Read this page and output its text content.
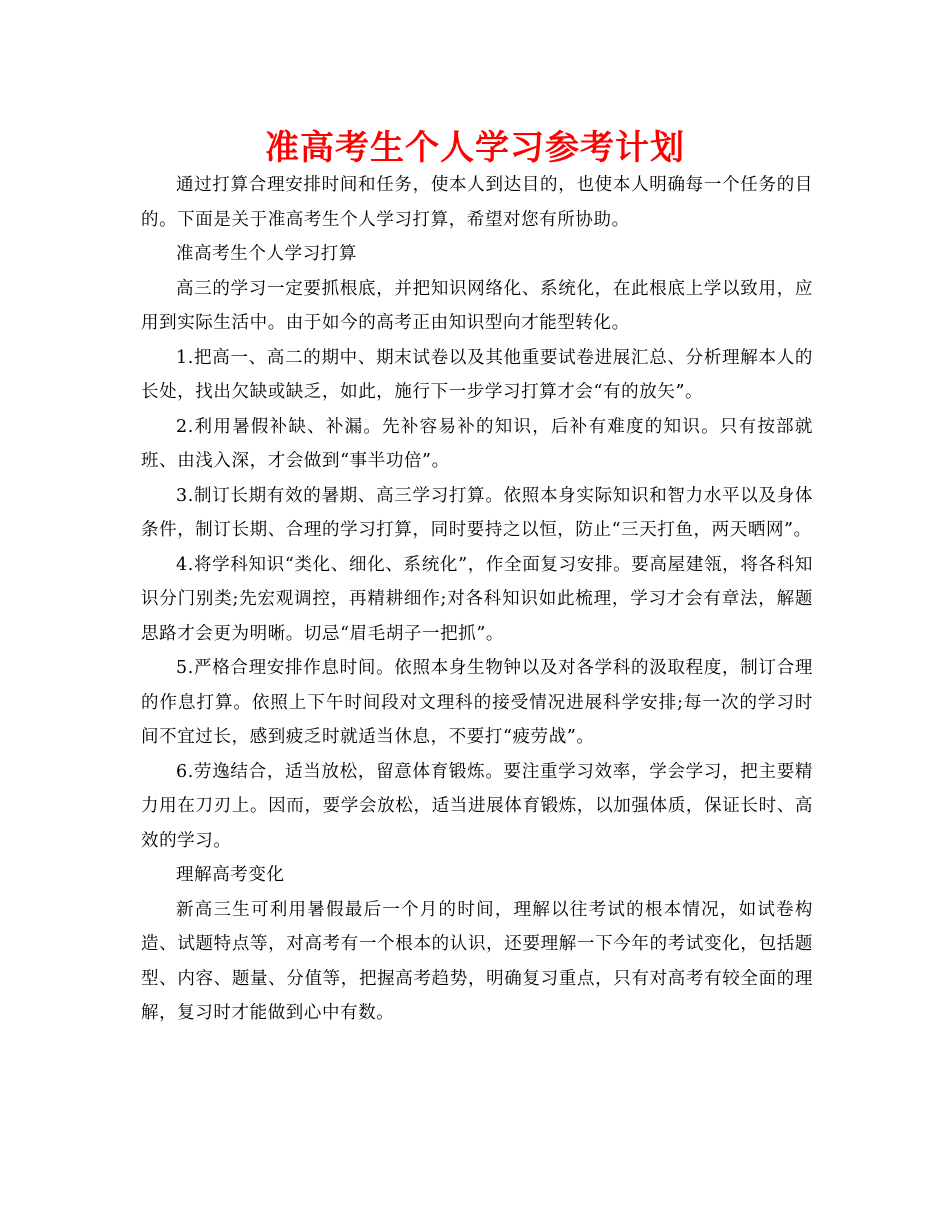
准高考生个人学习参考计划

通过打算合理安排时间和任务，使本人到达目的，也使本人明确每一个任务的目的。下面是关于准高考生个人学习打算，希望对您有所协助。

准高考生个人学习打算

高三的学习一定要抓根底，并把知识网络化、系统化，在此根底上学以致用，应用到实际生活中。由于如今的高考正由知识型向才能型转化。

1.把高一、高二的期中、期末试卷以及其他重要试卷进展汇总、分析理解本人的长处，找出欠缺或缺乏，如此，施行下一步学习打算才会“有的放矢”。

2.利用暑假补缺、补漏。先补容易补的知识，后补有难度的知识。只有按部就班、由浅入深，才会做到“事半功倍”。

3.制订长期有效的暑期、高三学习打算。依照本身实际知识和智力水平以及身体条件，制订长期、合理的学习打算，同时要持之以恒，防止“三天打鱼，两天晒网”。

4.将学科知识“类化、细化、系统化”，作全面复习安排。要高屋建瓴，将各科知识分门别类;先宏观调控，再精耕细作;对各科知识如此梳理，学习才会有章法，解题思路才会更为明晰。切忌“眉毛胡子一把抓”。

5.严格合理安排作息时间。依照本身生物钟以及对各学科的汲取程度，制订合理的作息打算。依照上下午时间段对文理科的接受情况进展科学安排;每一次的学习时间不宜过长，感到疲乏时就适当休息，不要打“疲劳战”。

6.劳逸结合，适当放松，留意体育锻炼。要注重学习效率，学会学习，把主要精力用在刀刃上。因而，要学会放松，适当进展体育锻炼，以加强体质，保证长时、高效的学习。

理解高考变化

新高三生可利用暑假最后一个月的时间，理解以往考试的根本情况，如试卷构造、试题特点等，对高考有一个根本的认识，还要理解一下今年的考试变化，包括题型、内容、题量、分值等，把握高考趋势，明确复习重点，只有对高考有较全面的理解，复习时才能做到心中有数。
